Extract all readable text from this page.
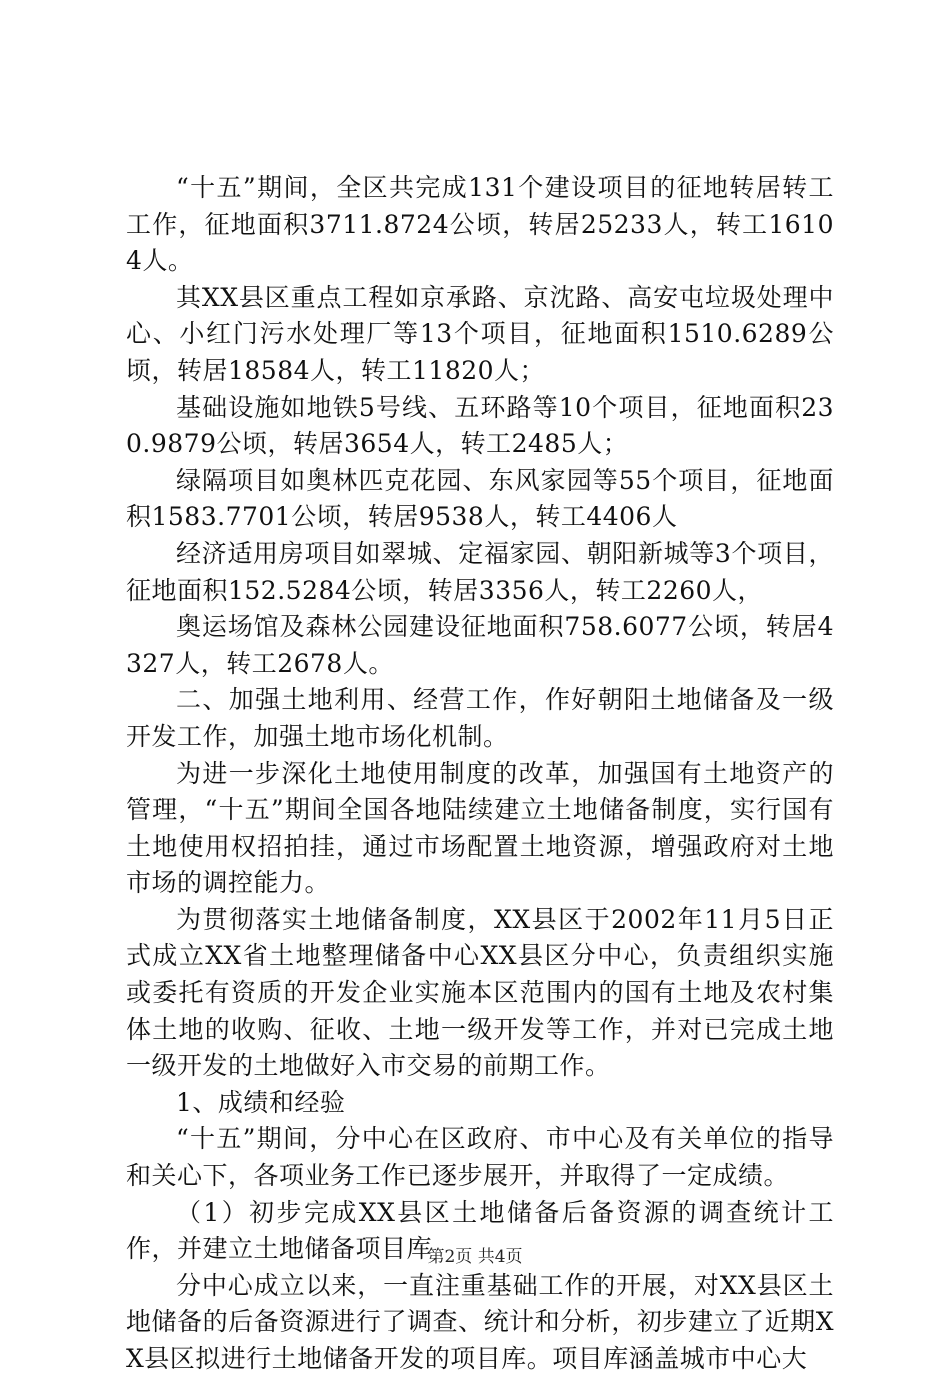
“十五”期间，全区共完成131个建设项目的征地转居转工工作，征地面积3711.8724公顷，转居25233人，转工16104人。

其XX县区重点工程如京承路、京沈路、高安屯垃圾处理中心、小红门污水处理厂等13个项目，征地面积1510.6289公顷，转居18584人，转工11820人；

基础设施如地铁5号线、五环路等10个项目，征地面积230.9879公顷，转居3654人，转工2485人；

绿隔项目如奥林匹克花园、东风家园等55个项目，征地面积1583.7701公顷，转居9538人，转工4406人

经济适用房项目如翠城、定福家园、朝阳新城等3个项目，征地面积152.5284公顷，转居3356人，转工2260人，

奥运场馆及森林公园建设征地面积758.6077公顷，转居4327人，转工2678人。

二、加强土地利用、经营工作，作好朝阳土地储备及一级开发工作，加强土地市场化机制。

为进一步深化土地使用制度的改革，加强国有土地资产的管理，“十五”期间全国各地陆续建立土地储备制度，实行国有土地使用权招拍挂，通过市场配置土地资源，增强政府对土地市场的调控能力。

为贯彻落实土地储备制度，XX县区于2002年11月5日正式成立XX省土地整理储备中心XX县区分中心，负责组织实施或委托有资质的开发企业实施本区范围内的国有土地及农村集体土地的收购、征收、土地一级开发等工作，并对已完成土地一级开发的土地做好入市交易的前期工作。

1、成绩和经验

“十五”期间，分中心在区政府、市中心及有关单位的指导和关心下，各项业务工作已逐步展开，并取得了一定成绩。

（1）初步完成XX县区土地储备后备资源的调查统计工作，并建立土地储备项目库

分中心成立以来，一直注重基础工作的开展，对XX县区土地储备的后备资源进行了调查、统计和分析，初步建立了近期XX县区拟进行土地储备开发的项目库。项目库涵盖城市中心大

第2页 共4页
